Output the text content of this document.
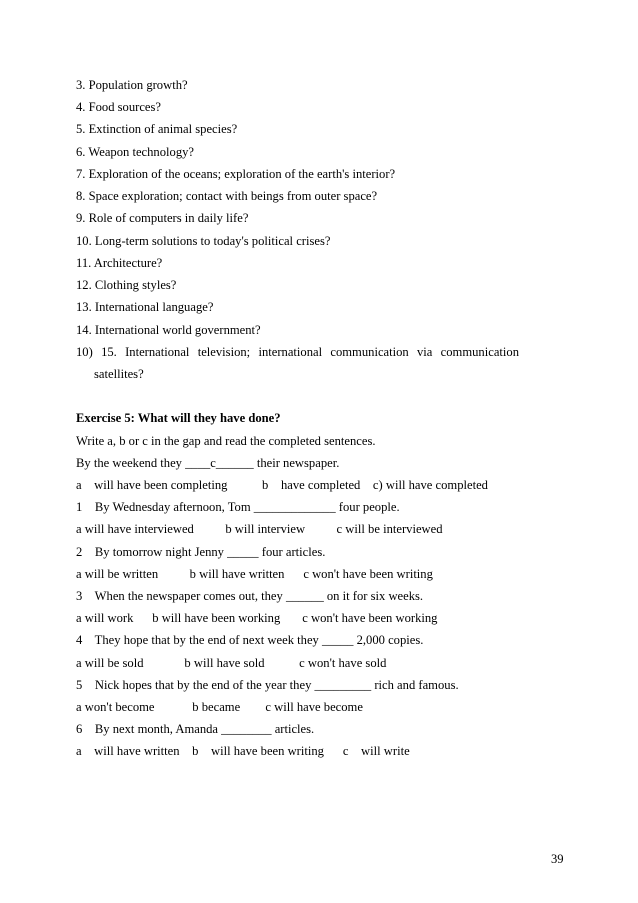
3. Population growth?
4. Food sources?
5. Extinction of animal species?
6. Weapon technology?
7. Exploration of the oceans; exploration of the earth's interior?
8. Space exploration; contact with beings from outer space?
9. Role of computers in daily life?
10. Long-term solutions to today's political crises?
11. Architecture?
12. Clothing styles?
13. International language?
14. International world government?
10) 15. International television; international communication via communication
satellites?
Exercise 5: What will they have done?
Write a, b or c in the gap and read the completed sentences.
By the weekend they ____c______ their newspaper.
a    will have been completing           b    have completed    c) will have completed
1    By Wednesday afternoon, Tom _____________ four people.
a will have interviewed          b will interview          c will be interviewed
2    By tomorrow night Jenny _____ four articles.
a will be written          b will have written      c won't have been writing
3    When the newspaper comes out, they ______ on it for six weeks.
a will work      b will have been working       c won't have been working
4    They hope that by the end of next week they _____ 2,000 copies.
a will be sold             b will have sold           c won't have sold
5    Nick hopes that by the end of the year they _________ rich and famous.
a won't become            b became        c will have become
6    By next month, Amanda ________ articles.
a    will have written    b    will have been writing      c    will write
39
